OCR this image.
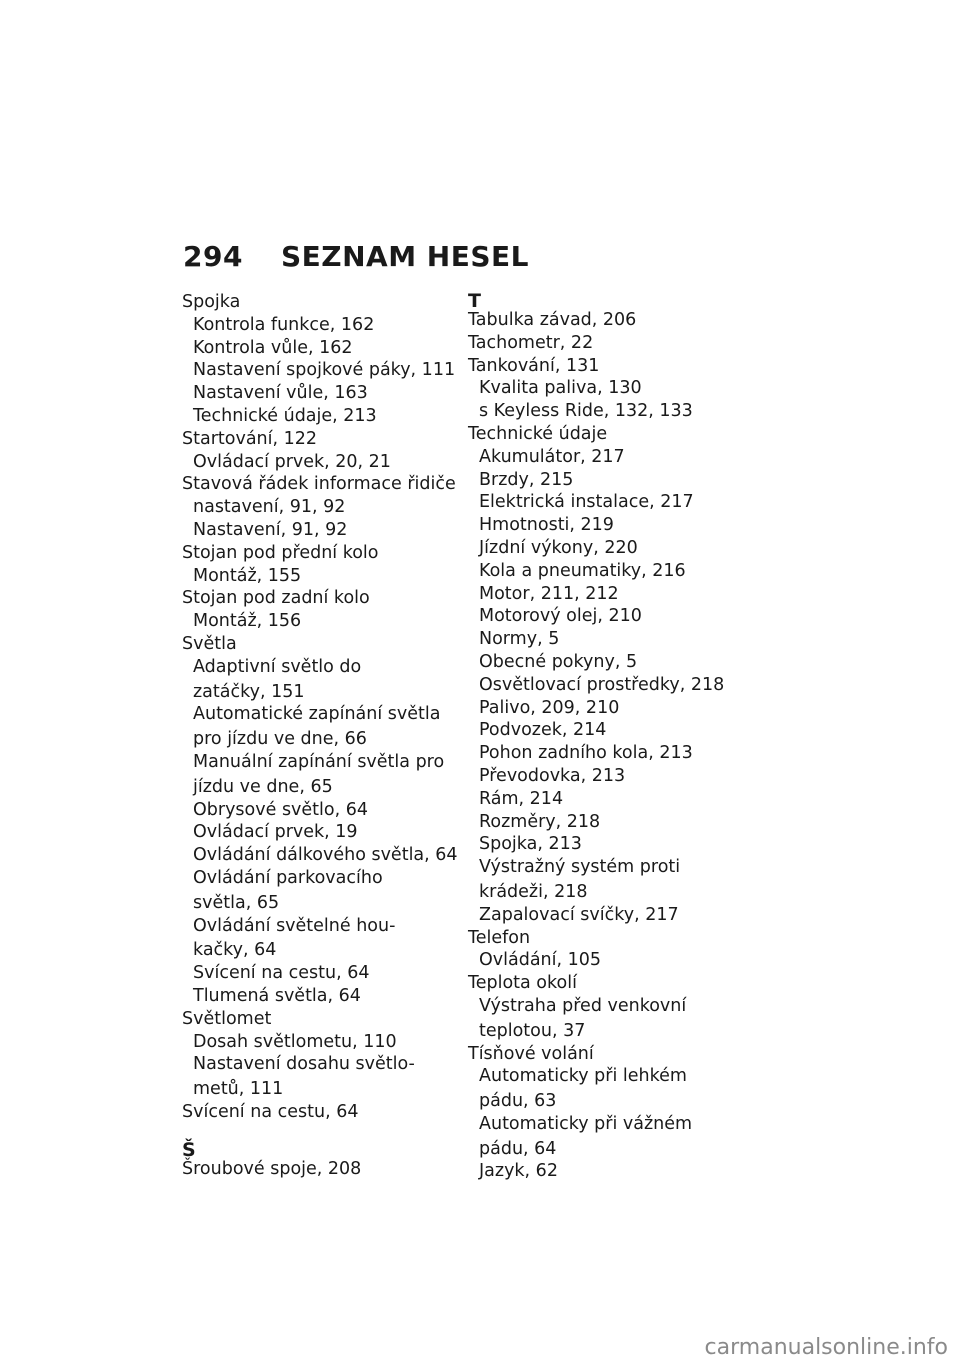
294 SEZNAM HESEL
Spojka
Kontrola funkce, 162
Kontrola vůle, 162
Nastavení spojkové páky, 111
Nastavení vůle, 163
Technické údaje, 213
Startování, 122
Ovládací prvek, 20, 21
Stavová řádek informace řidiče
nastavení, 91, 92
Nastavení, 91, 92
Stojan pod přední kolo
Montáž, 155
Stojan pod zadní kolo
Montáž, 156
Světla
Adaptivní světlo do
zatáčky, 151
Automatické zapínání světla
pro jízdu ve dne, 66
Manuální zapínání světla pro
jízdu ve dne, 65
Obrysové světlo, 64
Ovládací prvek, 19
Ovládání dálkového světla, 64
Ovládání parkovacího
světla, 65
Ovládání světelné hou-
kačky, 64
Svícení na cestu, 64
Tlumená světla, 64
Světlomet
Dosah světlometu, 110
Nastavení dosahu světlo-
metů, 111
Svícení na cestu, 64
Š
Šroubové spoje, 208
T
Tabulka závad, 206
Tachometr, 22
Tankování, 131
Kvalita paliva, 130
s Keyless Ride, 132, 133
Technické údaje
Akumulátor, 217
Brzdy, 215
Elektrická instalace, 217
Hmotnosti, 219
Jízdní výkony, 220
Kola a pneumatiky, 216
Motor, 211, 212
Motorový olej, 210
Normy, 5
Obecné pokyny, 5
Osvětlovací prostředky, 218
Palivo, 209, 210
Podvozek, 214
Pohon zadního kola, 213
Převodovka, 213
Rám, 214
Rozměry, 218
Spojka, 213
Výstražný systém proti
krádeži, 218
Zapalovací svíčky, 217
Telefon
Ovládání, 105
Teplota okolí
Výstraha před venkovní
teplotou, 37
Tísňové volání
Automaticky při lehkém
pádu, 63
Automaticky při vážném
pádu, 64
Jazyk, 62
carmanualsonline.info
